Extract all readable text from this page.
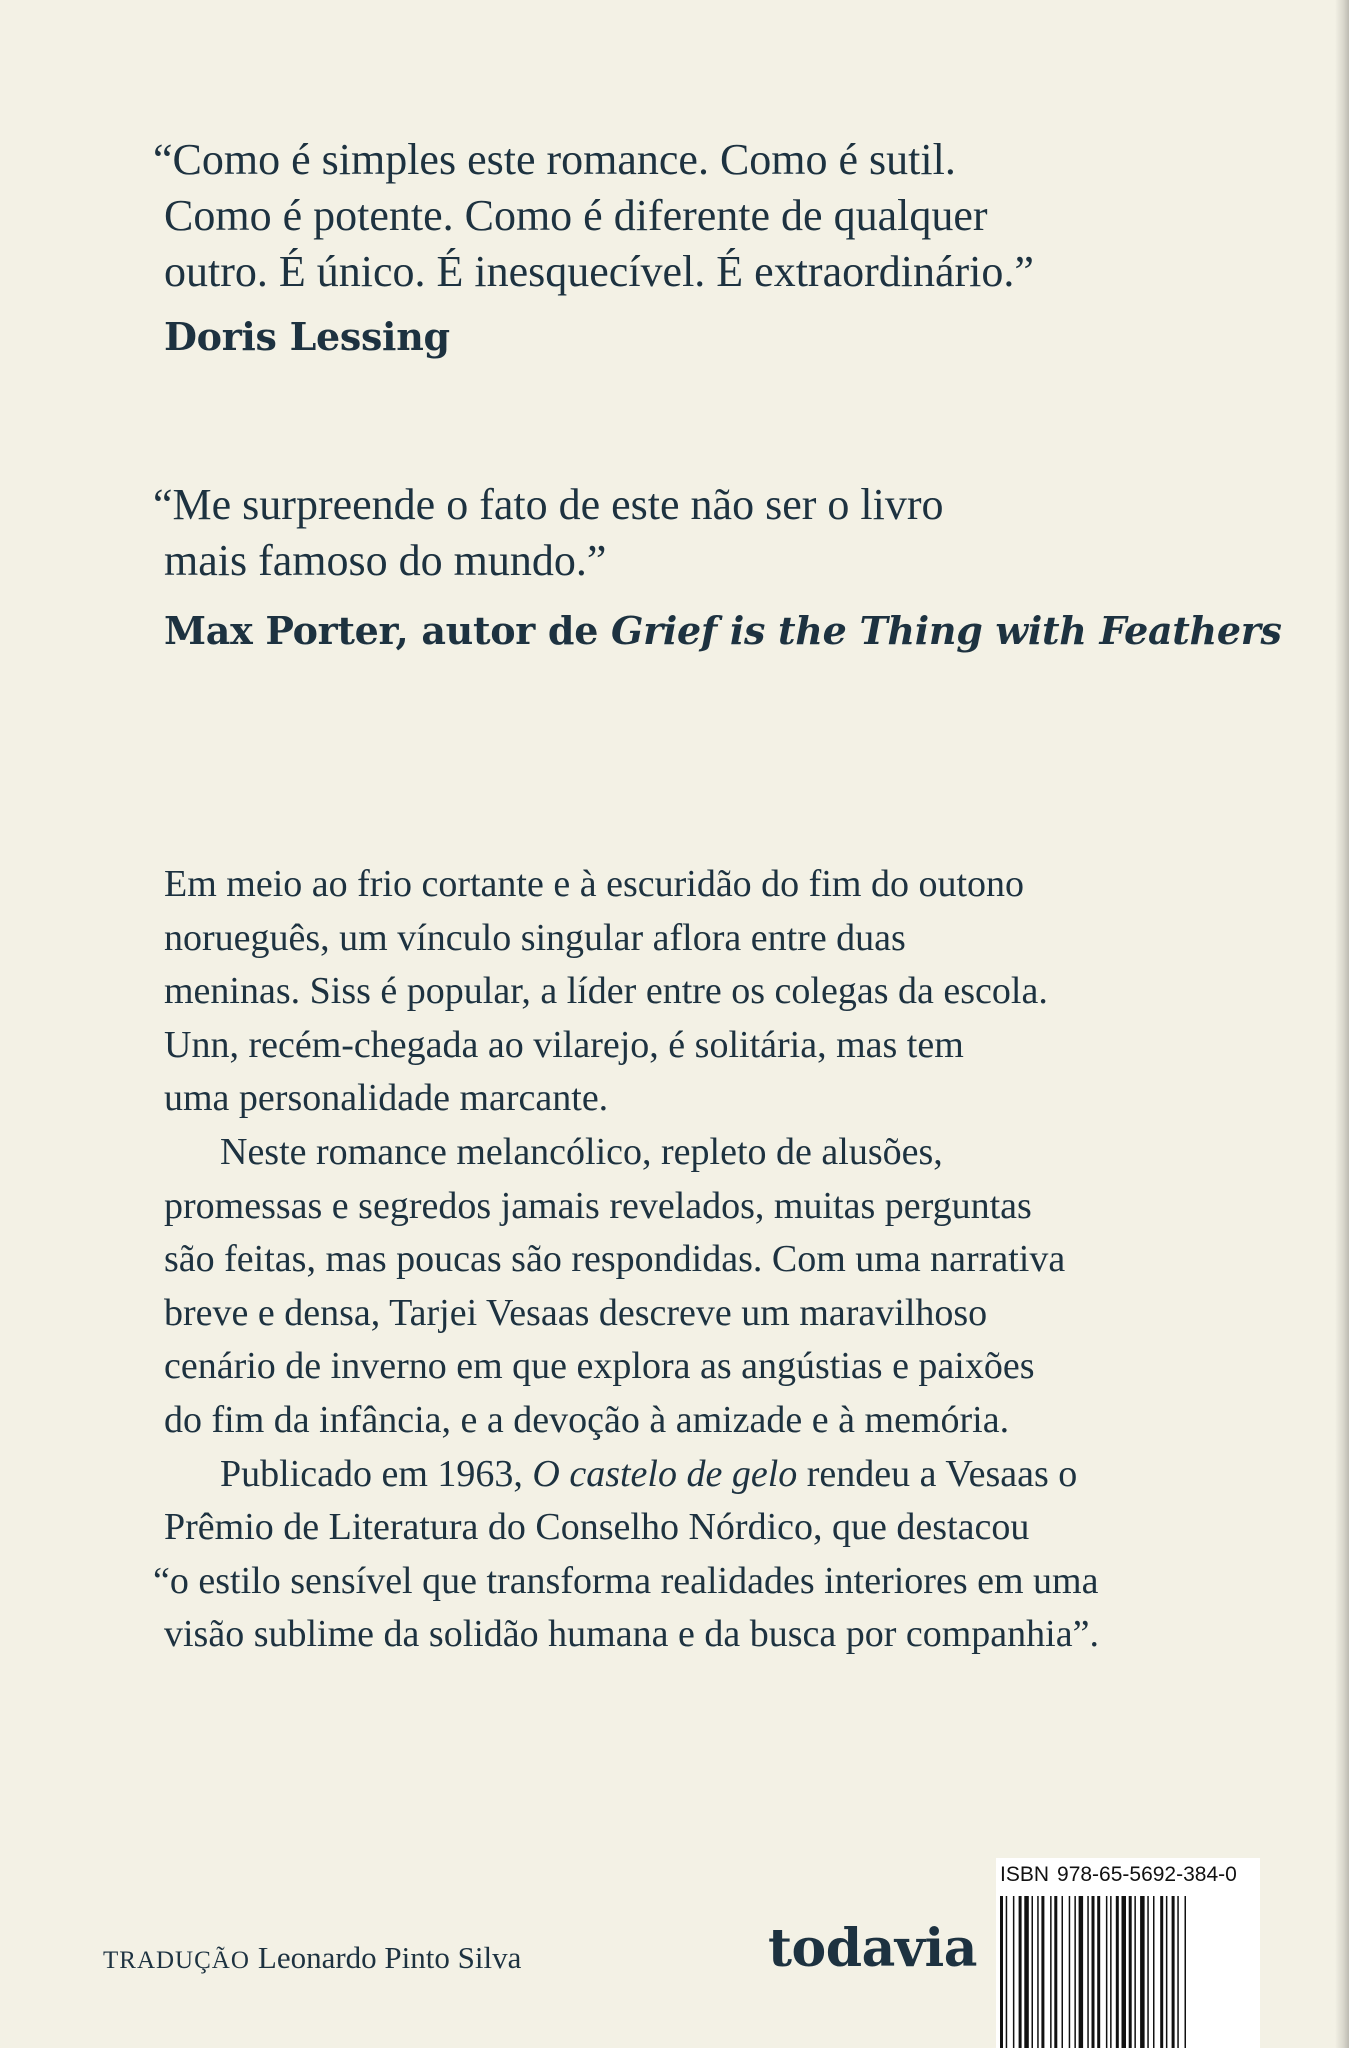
“Como é simples este romance. Como é sutil.
Como é potente. Como é diferente de qualquer
outro. É único. É inesquecível. É extraordinário.”
Doris Lessing
“Me surpreende o fato de este não ser o livro
mais famoso do mundo.”
Max Porter, autor de Grief is the Thing with Feathers
Em meio ao frio cortante e à escuridão do fim do outono
norueguês, um vínculo singular aflora entre duas
meninas. Siss é popular, a líder entre os colegas da escola.
Unn, recém-chegada ao vilarejo, é solitária, mas tem
uma personalidade marcante.
Neste romance melancólico, repleto de alusões,
promessas e segredos jamais revelados, muitas perguntas
são feitas, mas poucas são respondidas. Com uma narrativa
breve e densa, Tarjei Vesaas descreve um maravilhoso
cenário de inverno em que explora as angústias e paixões
do fim da infância, e a devoção à amizade e à memória.
Publicado em 1963, O castelo de gelo rendeu a Vesaas o
Prêmio de Literatura do Conselho Nórdico, que destacou
“o estilo sensível que transforma realidades interiores em uma
visão sublime da solidão humana e da busca por companhia”.
TRADUÇÃO Leonardo Pinto Silva	todavia
ISBN 978-65-5692-384-0
